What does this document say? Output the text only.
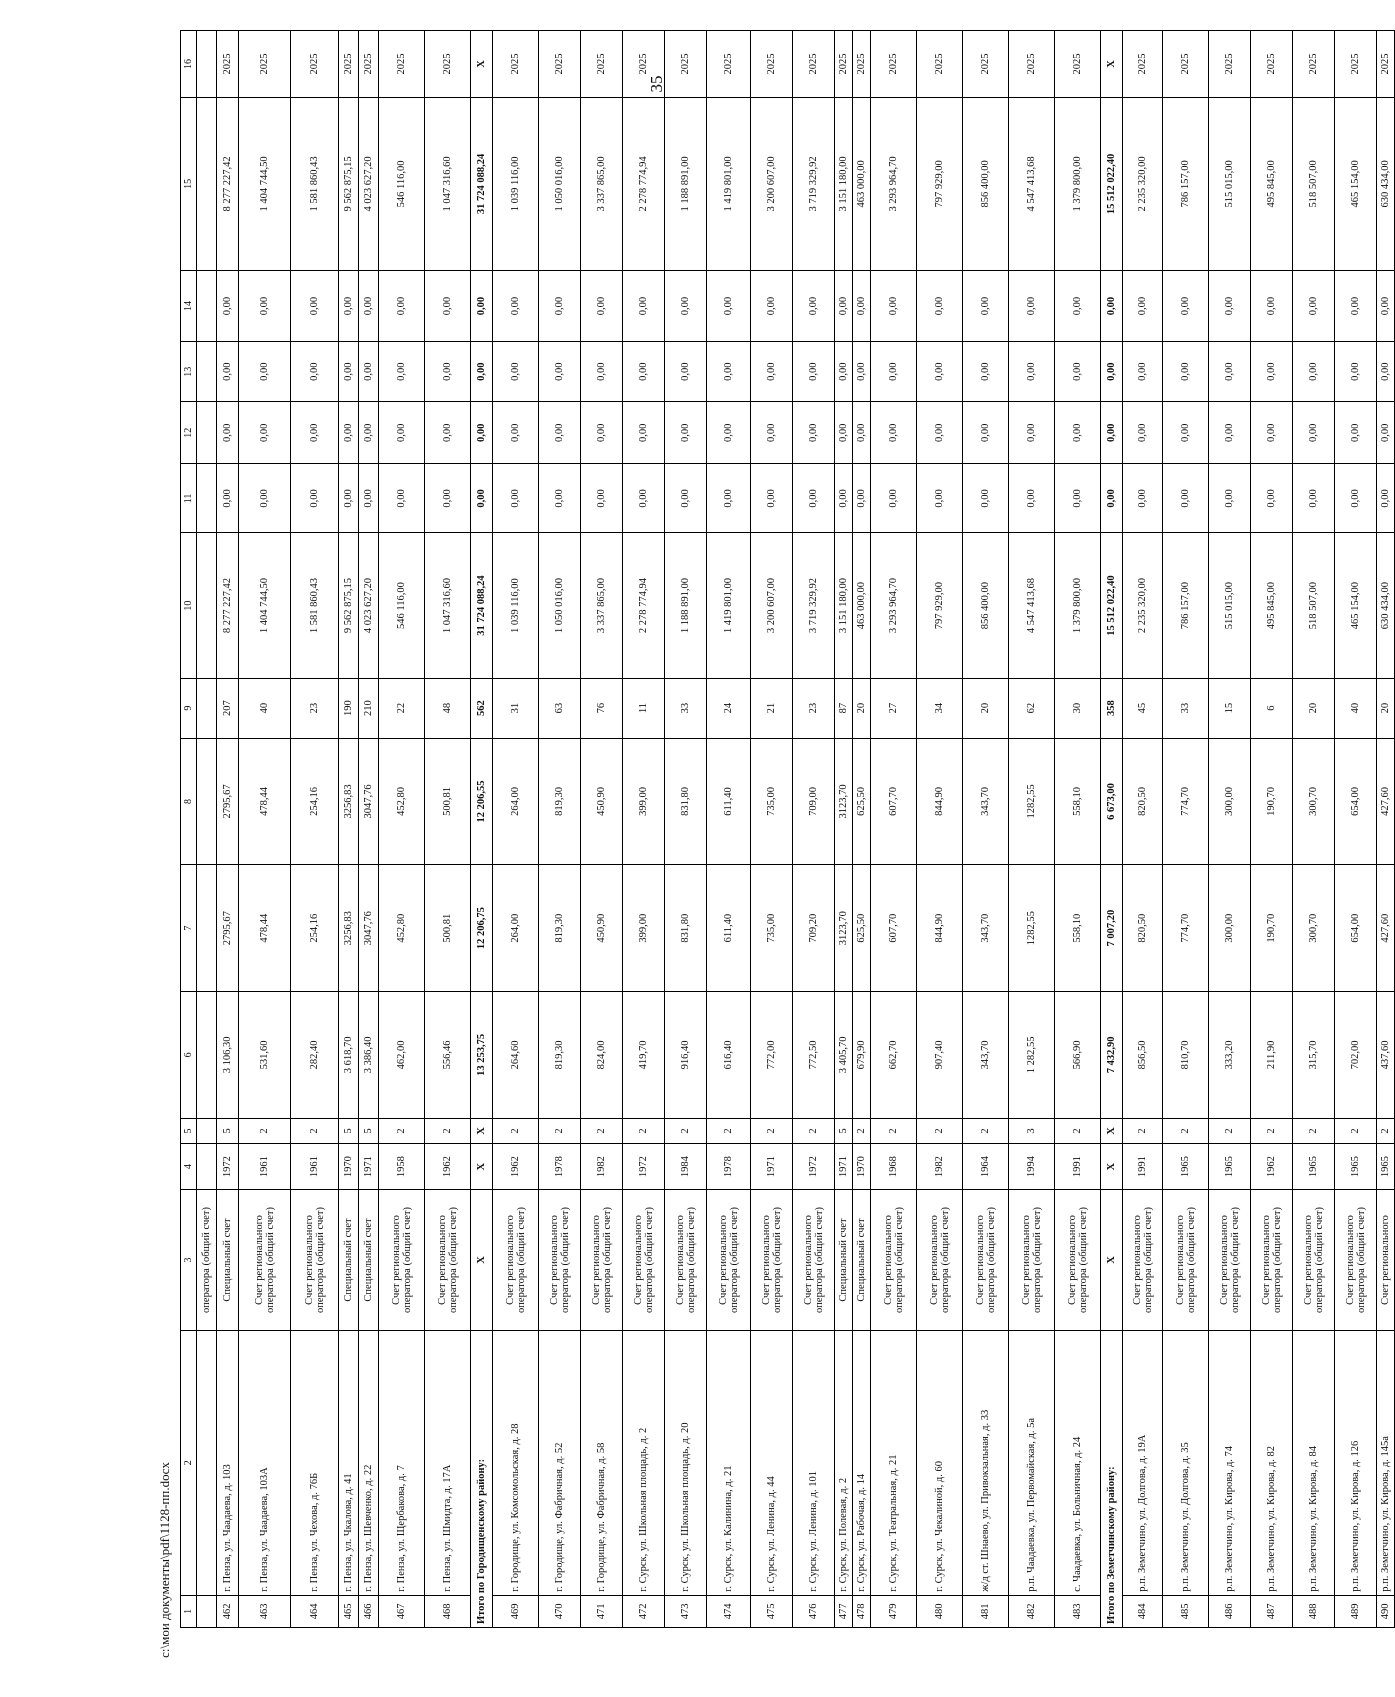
35
1	2	3	4	5	6	7	8	9	10	11	12	13	14	15	16
		оператора (общий счет)													
462	г. Пенза, ул. Чаадаева, д. 103	Специальный счет	1972	5	3 106,30	2795,67	2795,67	207	8 277 227,42	0,00	0,00	0,00	0,00	8 277 227,42	2025
463	г. Пенза, ул. Чаадаева, 103А	Счет регионального оператора (общий счет)	1961	2	531,60	478,44	478,44	40	1 404 744,50	0,00	0,00	0,00	0,00	1 404 744,50	2025
464	г. Пенза, ул. Чехова, д. 76Б	Счет регионального оператора (общий счет)	1961	2	282,40	254,16	254,16	23	1 581 860,43	0,00	0,00	0,00	0,00	1 581 860,43	2025
465	г. Пенза, ул. Чкалова, д. 41	Специальный счет	1970	5	3 618,70	3256,83	3256,83	190	9 562 875,15	0,00	0,00	0,00	0,00	9 562 875,15	2025
466	г. Пенза, ул. Шевченко, д. 22	Специальный счет	1971	5	3 386,40	3047,76	3047,76	210	4 023 627,20	0,00	0,00	0,00	0,00	4 023 627,20	2025
467	г. Пенза, ул. Щербакова, д. 7	Счет регионального оператора (общий счет)	1958	2	462,00	452,80	452,80	22	546 116,00	0,00	0,00	0,00	0,00	546 116,00	2025
468	г. Пенза, ул. Шмидта, д. 17А	Счет регионального оператора (общий счет)	1962	2	556,46	500,81	500,81	48	1 047 316,60	0,00	0,00	0,00	0,00	1 047 316,60	2025
Итого по Городищенскому району:		X	X	X	13 253,75	12 206,75	12 206,55	562	31 724 088,24	0,00	0,00	0,00	0,00	31 724 088,24	X
469	г. Городище, ул. Комсомольская, д. 28	Счет регионального оператора (общий счет)	1962	2	264,60	264,00	264,00	31	1 039 116,00	0,00	0,00	0,00	0,00	1 039 116,00	2025
470	г. Городище, ул. Фабричная, д. 52	Счет регионального оператора (общий счет)	1978	2	819,30	819,30	819,30	63	1 050 016,00	0,00	0,00	0,00	0,00	1 050 016,00	2025
471	г. Городище, ул. Фабричная, д. 58	Счет регионального оператора (общий счет)	1982	2	824,00	450,90	450,90	76	3 337 865,00	0,00	0,00	0,00	0,00	3 337 865,00	2025
472	г. Сурск, ул. Школьная площадь, д. 2	Счет регионального оператора (общий счет)	1972	2	419,70	399,00	399,00	11	2 278 774,94	0,00	0,00	0,00	0,00	2 278 774,94	2025
473	г. Сурск, ул. Школьная площадь, д. 20	Счет регионального оператора (общий счет)	1984	2	916,40	831,80	831,80	33	1 188 891,00	0,00	0,00	0,00	0,00	1 188 891,00	2025
474	г. Сурск, ул. Калинина, д. 21	Счет регионального оператора (общий счет)	1978	2	616,40	611,40	611,40	24	1 419 801,00	0,00	0,00	0,00	0,00	1 419 801,00	2025
475	г. Сурск, ул. Ленина, д. 44	Счет регионального оператора (общий счет)	1971	2	772,00	735,00	735,00	21	3 200 607,00	0,00	0,00	0,00	0,00	3 200 607,00	2025
476	г. Сурск, ул. Ленина, д. 101	Счет регионального оператора (общий счет)	1972	2	772,50	709,20	709,00	23	3 719 329,92	0,00	0,00	0,00	0,00	3 719 329,92	2025
477	г. Сурск, ул. Полевая, д. 2	Специальный счет	1971	5	3 405,70	3123,70	3123,70	87	3 151 180,00	0,00	0,00	0,00	0,00	3 151 180,00	2025
478	г. Сурск, ул. Рабочая, д. 14	Специальный счет	1970	2	679,90	625,50	625,50	20	463 000,00	0,00	0,00	0,00	0,00	463 000,00	2025
479	г. Сурск, ул. Театральная, д. 21	Счет регионального оператора (общий счет)	1968	2	662,70	607,70	607,70	27	3 293 964,70	0,00	0,00	0,00	0,00	3 293 964,70	2025
480	г. Сурск, ул. Чекалиной, д. 60	Счет регионального оператора (общий счет)	1982	2	907,40	844,90	844,90	34	797 929,00	0,00	0,00	0,00	0,00	797 929,00	2025
481	ж/д ст. Шнаево, ул. Привокзальная, д. 33	Счет регионального оператора (общий счет)	1964	2	343,70	343,70	343,70	20	856 400,00	0,00	0,00	0,00	0,00	856 400,00	2025
482	р.п. Чаадаевка, ул. Первомайская, д. 5а	Счет регионального оператора (общий счет)	1994	3	1 282,55	1282,55	1282,55	62	4 547 413,68	0,00	0,00	0,00	0,00	4 547 413,68	2025
483	с. Чаадаевка, ул. Больничная, д. 24	Счет регионального оператора (общий счет)	1991	2	566,90	558,10	558,10	30	1 379 800,00	0,00	0,00	0,00	0,00	1 379 800,00	2025
Итого по Земетчинскому району:		X	X	X	7 432,90	7 007,20	6 673,00	358	15 512 022,40	0,00	0,00	0,00	0,00	15 512 022,40	X
484	р.п. Земетчино, ул. Долгова, д. 19А	Счет регионального оператора (общий счет)	1991	2	856,50	820,50	820,50	45	2 235 320,00	0,00	0,00	0,00	0,00	2 235 320,00	2025
485	р.п. Земетчино, ул. Долгова, д. 35	Счет регионального оператора (общий счет)	1965	2	810,70	774,70	774,70	33	786 157,00	0,00	0,00	0,00	0,00	786 157,00	2025
486	р.п. Земетчино, ул. Кирова, д. 74	Счет регионального оператора (общий счет)	1965	2	333,20	300,00	300,00	15	515 015,00	0,00	0,00	0,00	0,00	515 015,00	2025
487	р.п. Земетчино, ул. Кирова, д. 82	Счет регионального оператора (общий счет)	1962	2	211,90	190,70	190,70	6	495 845,00	0,00	0,00	0,00	0,00	495 845,00	2025
488	р.п. Земетчино, ул. Кирова, д. 84	Счет регионального оператора (общий счет)	1965	2	315,70	300,70	300,70	20	518 507,00	0,00	0,00	0,00	0,00	518 507,00	2025
489	р.п. Земетчино, ул. Кирова, д. 126	Счет регионального оператора (общий счет)	1965	2	702,00	654,00	654,00	40	465 154,00	0,00	0,00	0,00	0,00	465 154,00	2025
490	р.п. Земетчино, ул. Кирова, д. 145а	Счет регионального	1965	2	437,60	427,60	427,60	20	630 434,00	0,00	0,00	0,00	0,00	630 434,00	2025
c:\мои документы\pdf\1128-пп.docx
